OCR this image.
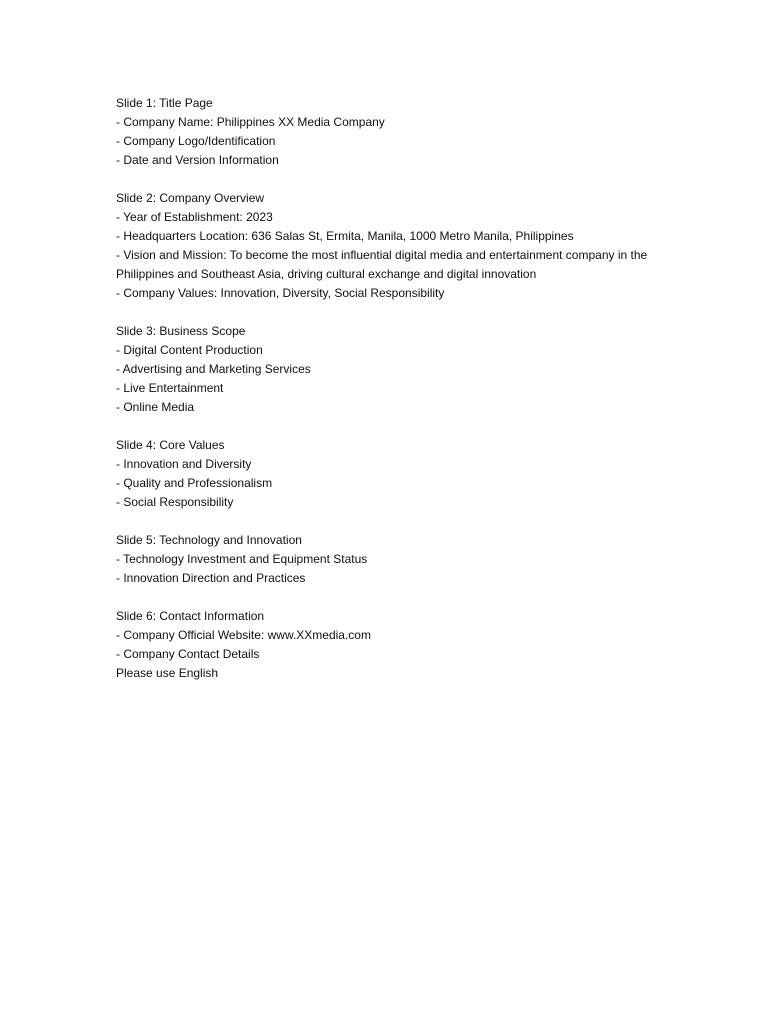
Slide 1: Title Page
- Company Name: Philippines XX Media Company
- Company Logo/Identification
- Date and Version Information
Slide 2: Company Overview
- Year of Establishment: 2023
- Headquarters Location: 636 Salas St, Ermita, Manila, 1000 Metro Manila, Philippines
- Vision and Mission: To become the most influential digital media and entertainment company in the Philippines and Southeast Asia, driving cultural exchange and digital innovation
- Company Values: Innovation, Diversity, Social Responsibility
Slide 3: Business Scope
- Digital Content Production
- Advertising and Marketing Services
- Live Entertainment
- Online Media
Slide 4: Core Values
- Innovation and Diversity
- Quality and Professionalism
- Social Responsibility
Slide 5: Technology and Innovation
- Technology Investment and Equipment Status
- Innovation Direction and Practices
Slide 6: Contact Information
- Company Official Website: www.XXmedia.com
- Company Contact Details
Please use English
